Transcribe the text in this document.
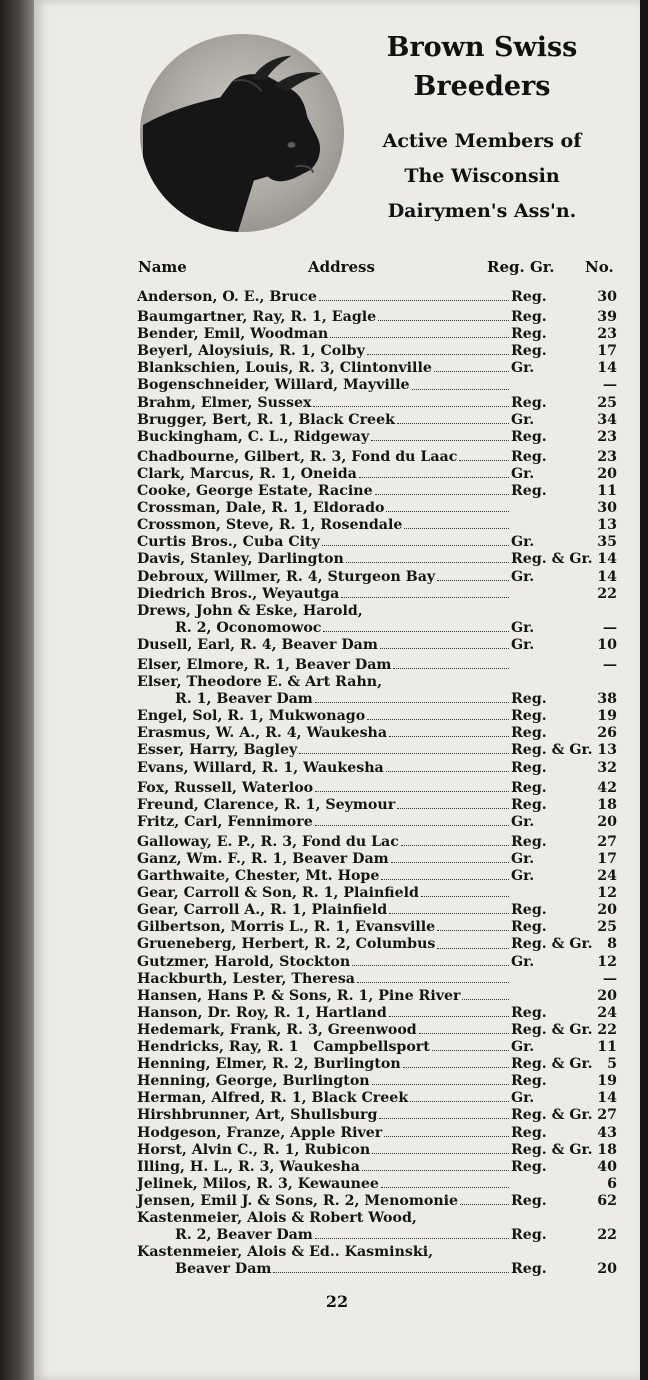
Brown Swiss
Breeders
Active Members of
The Wisconsin
Dairymen's Ass'n.
Name	Address	Reg. Gr. No.
Anderson, O. E., Bruce	Reg.	30
Baumgartner, Ray, R. 1, Eagle	Reg.	39
Bender, Emil, Woodman	Reg.	23
Beyerl, Aloysiuis, R. 1, Colby	Reg.	17
Blankschien, Louis, R. 3, Clintonville	Gr.	14
Bogenschneider, Willard, Mayville	—
Brahm, Elmer, Sussex	Reg.	25
Brugger, Bert, R. 1, Black Creek	Gr.	34
Buckingham, C. L., Ridgeway	Reg.	23
Chadbourne, Gilbert, R. 3, Fond du Laac	Reg.	23
Clark, Marcus, R. 1, Oneida	Gr.	20
Cooke, George Estate, Racine	Reg.	11
Crossman, Dale, R. 1, Eldorado	30
Crossmon, Steve, R. 1, Rosendale	13
Curtis Bros., Cuba City	Gr.	35
Davis, Stanley, Darlington	Reg. & Gr. 14
Debroux, Willmer, R. 4, Sturgeon Bay	Gr.	14
Diedrich Bros., Weyautga	22
Drews, John & Eske, Harold,
R. 2, Oconomowoc	Gr.	—
Dusell, Earl, R. 4, Beaver Dam	Gr.	10
Elser, Elmore, R. 1, Beaver Dam	—
Elser, Theodore E. & Art Rahn,
R. 1, Beaver Dam	Reg.	38
Engel, Sol, R. 1, Mukwonago	Reg.	19
Erasmus, W. A., R. 4, Waukesha	Reg.	26
Esser, Harry, Bagley	Reg. & Gr. 13
Evans, Willard, R. 1, Waukesha	Reg.	32
Fox, Russell, Waterloo	Reg.	42
Freund, Clarence, R. 1, Seymour	Reg.	18
Fritz, Carl, Fennimore	Gr.	20
Galloway, E. P., R. 3, Fond du Lac	Reg.	27
Ganz, Wm. F., R. 1, Beaver Dam	Gr.	17
Garthwaite, Chester, Mt. Hope	Gr.	24
Gear, Carroll & Son, R. 1, Plainfield	12
Gear, Carroll A., R. 1, Plainfield	Reg.	20
Gilbertson, Morris L., R. 1, Evansville	Reg.	25
Grueneberg, Herbert, R. 2, Columbus	Reg. & Gr.	8
Gutzmer, Harold, Stockton	Gr.	12
Hackburth, Lester, Theresa	—
Hansen, Hans P. & Sons, R. 1, Pine River	20
Hanson, Dr. Roy, R. 1, Hartland	Reg.	24
Hedemark, Frank, R. 3, Greenwood	Reg. & Gr. 22
Hendricks, Ray, R. 1   Campbellsport	Gr.	11
Henning, Elmer, R. 2, Burlington	Reg. & Gr.	5
Henning, George, Burlington	Reg.	19
Herman, Alfred, R. 1, Black Creek	Gr.	14
Hirshbrunner, Art, Shullsburg	Reg. & Gr. 27
Hodgeson, Franze, Apple River	Reg.	43
Horst, Alvin C., R. 1, Rubicon	Reg. & Gr. 18
Illing, H. L., R. 3, Waukesha	Reg.	40
Jelinek, Milos, R. 3, Kewaunee	6
Jensen, Emil J. & Sons, R. 2, Menomonie	Reg.	62
Kastenmeier, Alois & Robert Wood,
R. 2, Beaver Dam	Reg.	22
Kastenmeier, Alois & Ed.. Kasminski,
Beaver Dam	Reg.	20
22
